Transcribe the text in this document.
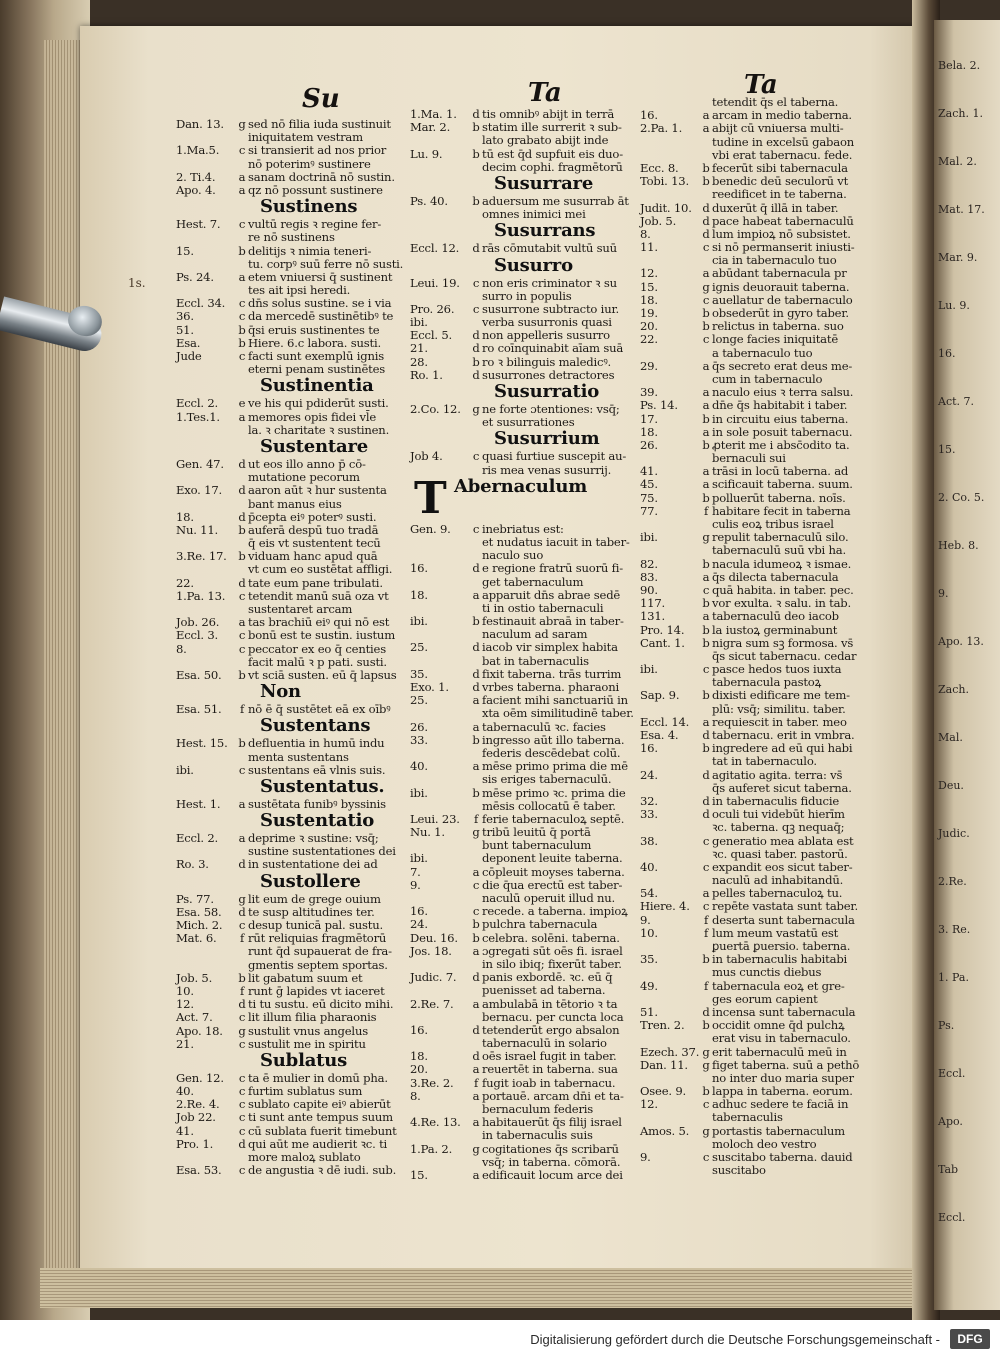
Su	Ta	Ta
1s.
Dan. 13.	g sed nō filia iuda sustinuit
iniquitatem vestram
1.Ma.5.	c si transierit ad nos prior
nō poterimꝰ sustinere
2. Ti.4.	a sanam doctrinā nō sustin.
Apo. 4.	a qz nō possunt sustinere
Sustinens
Hest. 7.	c vultū regis ꝛ regine fer-
re nō sustinens
15.	b delitijs ꝛ nimia teneri-
tu. corpꝰ suū ferre nō susti.
Ps. 24.	a etem vniuersi q̄ sustinent
tes ait ipsi heredi.
Eccl. 34.	c dn̄s solus sustine. se i via
36.	c da mercedē sustinētibꝰ te
51.	b q̄si eruis sustinentes te
Esa.	b Hiere. 6.c labora. susti.
Jude	c facti sunt exemplū ignis
eterni penam sustinētes
Sustinentia
Eccl. 2.	e ve his qui pdiderūt susti.
1.Tes.1.	a memores opis fidei vl̄e
la. ꝛ charitate ꝛ sustinen.
Sustentare
Gen. 47.	d ut eos illo anno p̄ cō-
mutatione pecorum
Exo. 17.	d aaron aūt ꝛ hur sustenta
bant manus eius
18.	d p̄cepta eiꝰ poterꝰ susti.
Nu. 11.	b auferā despū tuo tradā
q̄ eis vt sustentent tecū
3.Re. 17.	b viduam hanc apud quā
vt cum eo sustētat affligi.
22.	d tate eum pane tribulati.
1.Pa. 13.	c tetendit manū suā oza vt
sustentaret arcam
Job. 26.	a tas brachiū eiꝰ qui nō est
Eccl. 3.	c bonū est te sustin. iustum
8.	c peccator ex eo q̄ centies
facit malū ꝛ p pati. susti.
Esa. 50.	b vt sciā susten. eū q̄ lapsus
Non
Esa. 51.	f nō ē q̄ sustētet eā ex oībꝰ
Sustentans
Hest. 15. b defluentia in humū indu
menta sustentans
ibi.	c sustentans eā vlnis suis.
Sustentatus.
Hest. 1.	a sustētata funibꝰ byssinis
Sustentatio
Eccl. 2.	a deprime ꝛ sustine: vsq̄;
sustine sustentationes dei
Ro. 3.	d in sustentatione dei ad
Sustollere
Ps. 77.	g lit eum de grege ouium
Esa. 58.	d te susp altitudines ter.
Mich. 2.	c desup tunicā pal. sustu.
Mat. 6.	f rūt reliquias fragmētorū
runt q̄d supauerat de fra-
gmentis septem sportas.
Job. 5.	b lit gabatum suum et
10.	f runt ḡ lapides vt iaceret
12.	d ti tu sustu. eū dicito mihi.
Act. 7.	c lit illum filia pharaonis
Apo. 18.	g sustulit vnus angelus
21.	c sustulit me in spiritu
Sublatus
Gen. 12.	c ta ē mulier in domū pha.
40.	c furtim sublatus sum
2.Re. 4.	c sublato capite eiꝰ abierūt
Job 22.	c ti sunt ante tempus suum
41.	c cū sublata fuerit timebunt
Pro. 1.	d qui aūt me audierit ꝛc. ti
more maloꝝ sublato
Esa. 53.	c de angustia ꝛ dē iudi. sub.
1.Ma. 1.	d tis omnibꝰ abijt in terrā
Mar. 2.	b statim ille surrerit ꝛ sub-
lato grabato abijt inde
Lu. 9.	b tū est q̄d supfuit eis duo-
decim cophi. fragmētorū
Susurrare
Ps. 40.	b aduersum me susurrab āt
omnes inimici mei
Susurrans
Eccl. 12.	d rās cōmutabit vultū suū
Susurro
Leui. 19.	c non eris criminator ꝛ su
surro in populis
Pro. 26.	c susurrone subtracto iur.
ibi.	verba susurronis quasi
Eccl. 5.	d non appelleris susurro
21.	d ro coīnquinabit aīam suā
28.	b ro ꝛ bilinguis maledicꝰ.
Ro. 1.	d susurrones detractores
Susurratio
2.Co. 12.	g ne forte ɔtentiones: vsq̄;
et susurrationes
Susurrium
Job 4.	c quasi furtiue suscepit au-
ris mea venas susurrij.
T Abernaculum
Gen. 9.	c inebriatus est:
et nudatus iacuit in taber-
naculo suo
16.	d e regione fratrū suorū fi-
get tabernaculum
18.	a apparuit dn̄s abrae sedē
ti in ostio tabernaculi
ibi.	b festinauit abraā in taber-
naculum ad saram
25.	d iacob vir simplex habita
bat in tabernaculis
35.	d fixit taberna. trās turrim
Exo. 1.	d vrbes taberna. pharaoni
25.	a facient mihi sanctuariū in
xta oēm similitudinē taber.
26.	a tabernaculū ꝛc. facies
33.	b ingresso aūt illo taberna.
federis descēdebat colū.
40.	a mēse primo prima die mē
sis eriges tabernaculū.
ibi.	b mēse primo ꝛc. prima die
mēsis collocatū ē taber.
Leui. 23.	f ferie tabernaculoꝝ septē.
Nu. 1.	g tribū leuitū q̄ portā
bunt tabernaculum
ibi.	deponent leuite taberna.
7.	a cōpleuit moyses taberna.
9.	c die q̄ua erectū est taber-
naculū operuit illud nu.
16.	c recede. a taberna. impioꝝ
24.	b pulchra tabernacula
Deu. 16.	b celebra. solēni. taberna.
Jos. 18.	a ɔgregati sūt oēs fi. israel
in silo ibiq; fixerūt taber.
Judic. 7.	d panis exbordē. ꝛc. eū q̄
puenisset ad taberna.
2.Re. 7.	a ambulabā in tētorio ꝛ ta
bernacu. per cuncta loca
16.	d tetenderūt ergo absalon
tabernaculū in solario
18.	d oēs israel fugit in taber.
20.	a reuertēt in taberna. sua
3.Re. 2.	f fugit ioab in tabernacu.
8.	a portauē. arcam dn̄i et ta-
bernaculum federis
4.Re. 13.	a habitauerūt q̄s filij israel
in tabernaculis suis
1.Pa. 2.	g cogitationes q̄s scribarū
vsq̄; in taberna. cōmorā.
15.	a edificauit locum arce dei
tetendit q̄s el taberna.
16.	a arcam in medio taberna.
2.Pa. 1.	a abijt cū vniuersa multi-
tudine in excelsū gabaon
vbi erat tabernacu. fede.
Ecc. 8.	b fecerūt sibi tabernacula
Tobi. 13.	b benedic deū seculorū vt
reedificet in te taberna.
Judit. 10. d duxerūt q̄ illā in taber.
Job. 5.	d pace habeat tabernaculū
8.	d lum impioꝝ nō subsistet.
11.	c si nō permanserit iniusti-
cia in tabernaculo tuo
12.	a abūdant tabernacula pr
15.	g ignis deuorauit taberna.
18.	c auellatur de tabernaculo
19.	b obsederūt in gyro taber.
20.	b relictus in taberna. suo
22.	c longe facies iniquitatē
a tabernaculo tuo
29.	a q̄s secreto erat deus me-
cum in tabernaculo
39.	a naculo eius ꝛ terra salsu.
Ps. 14.	a dn̄e q̄s habitabit i taber.
17.	b in circuitu eius taberna.
18.	a in sole posuit tabernacu.
26.	b ꝓterit me i absc̄odito ta.
bernaculi sui
41.	a trāsi in locū taberna. ad
45.	a scificauit taberna. suum.
75.	b polluerūt taberna. noīs.
77.	f habitare fecit in taberna
culis eoꝝ tribus israel
ibi.	g repulit tabernaculū silo.
tabernaculū suū vbi ha.
82.	b nacula idumeoꝝ ꝛ ismae.
83.	a q̄s dilecta tabernacula
90.	c quā habita. in taber. pec.
117.	b vor exulta. ꝛ salu. in tab.
131.	a tabernaculū deo iacob
Pro. 14.	b la iustoꝝ germinabunt
Cant. 1.	b nigra sum sꝫ formosa. vs̄
q̄s sicut tabernacu. cedar
ibi.	c pasce hedos tuos iuxta
tabernacula pastoꝝ
Sap. 9.	b dixisti edificare me tem-
plū: vsq̄; similitu. taber.
Eccl. 14.	a requiescit in taber. meo
Esa. 4.	d tabernacu. erit in vmbra.
16.	b ingredere ad eū qui habi
tat in tabernaculo.
24.	d agitatio agita. terra: vs̄
q̄s auferet sicut taberna.
32.	d in tabernaculis fiducie
33.	d oculi tui videbūt hierīm
ꝛc. taberna. qꝫ nequaq̄;
38.	c generatio mea ablata est
ꝛc. quasi taber. pastorū.
40.	c expandit eos sicut taber-
naculū ad inhabitandū.
54.	a pelles tabernaculoꝝ tu.
Hiere. 4.	c repēte vastata sunt taber.
9.	f deserta sunt tabernacula
10.	f lum meum vastatū est
ꝑuertā ꝑuersio. taberna.
35.	b in tabernaculis habitabi
mus cunctis diebus
49.	f tabernacula eoꝝ et gre-
ges eorum capient
51.	d incensa sunt tabernacula
Tren. 2.	b occidit omne q̄d pulchꝝ
erat visu in tabernaculo.
Ezech. 37. g erit tabernaculū meū in
Dan. 11.	g figet taberna. suū a pethō
no inter duo maria super
Osee. 9.	b lappa in taberna. eorum.
12.	c adhuc sedere te faciā in
tabernaculis
Amos. 5.	g portastis tabernaculum
moloch deo vestro
9.	c suscitabo taberna. dauid
suscitabo
Bela. 2.
Zach. 1.
Mal. 2.
Mat. 17.
Mar. 9.
Lu. 9.
16.
Act. 7.
15.
2. Co. 5.
Heb. 8.
9.
Apo. 13.
Zach.
Mal.
Deu.
Judic.
2.Re.
3. Re.
1. Pa.
Ps.
Eccl.
Apo.
Tab
Eccl.
Digitalisierung gefördert durch die Deutsche Forschungsgemeinschaft -	DFG
